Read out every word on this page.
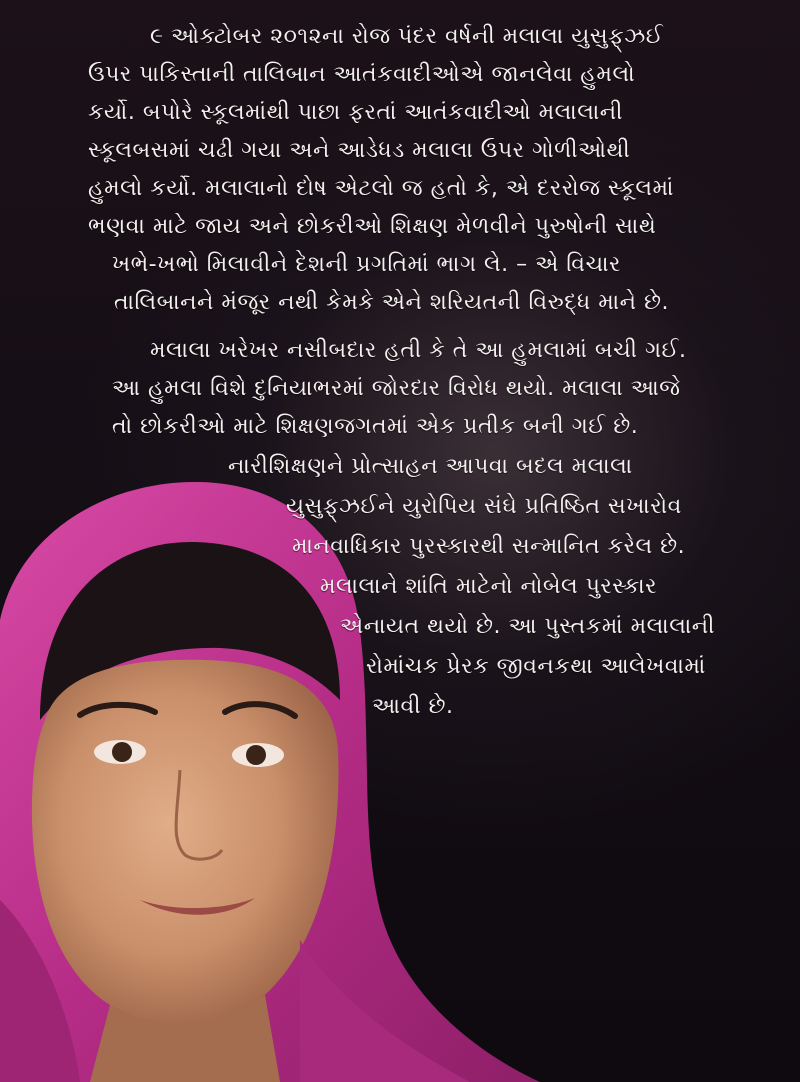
૯ ઓક્ટોબર ૨૦૧૨ના રોજ પંદર વર્ષની મલાલા યુસુફ્‌ઝઈ
ઉપર પાકિસ્તાની તાલિબાન આતંકવાદીઓએ જાનલેવા હુમલો
કર્યો. બપોરે સ્કૂલમાંથી પાછા ફરતાં આતંકવાદીઓ મલાલાની
સ્કૂલબસમાં ચઢી ગયા અને આડેધડ મલાલા ઉપર ગોળીઓથી
હુમલો કર્યો. મલાલાનો દોષ એટલો જ હતો કે, એ દરરોજ સ્કૂલમાં
ભણવા માટે જાય અને છોકરીઓ શિક્ષણ મેળવીને પુરુષોની સાથે
ખભે-ખભો મિલાવીને દેશની પ્રગતિમાં ભાગ લે. – એ વિચાર
તાલિબાનને મંજૂર નથી કેમકે એને શરિયતની વિરુદ્ધ માને છે.
મલાલા ખરેખર નસીબદાર હતી કે તે આ હુમલામાં બચી ગઈ.
આ હુમલા વિશે દુનિયાભરમાં જોરદાર વિરોધ થયો. મલાલા આજે
તો છોકરીઓ માટે શિક્ષણજગતમાં એક પ્રતીક બની ગઈ છે.
નારીશિક્ષણને પ્રોત્સાહન આપવા બદલ મલાલા
યુસુફ્‌ઝઈને યુરોપિય સંઘે પ્રતિષ્ઠિત સખારોવ
માનવાધિકાર પુરસ્કારથી સન્માનિત કરેલ છે.
મલાલાને શાંતિ માટેનો નોબેલ પુરસ્કાર
એનાયત થયો છે. આ પુસ્તકમાં મલાલાની
રોમાંચક પ્રેરક જીવનકથા આલેખવામાં
આવી છે.
